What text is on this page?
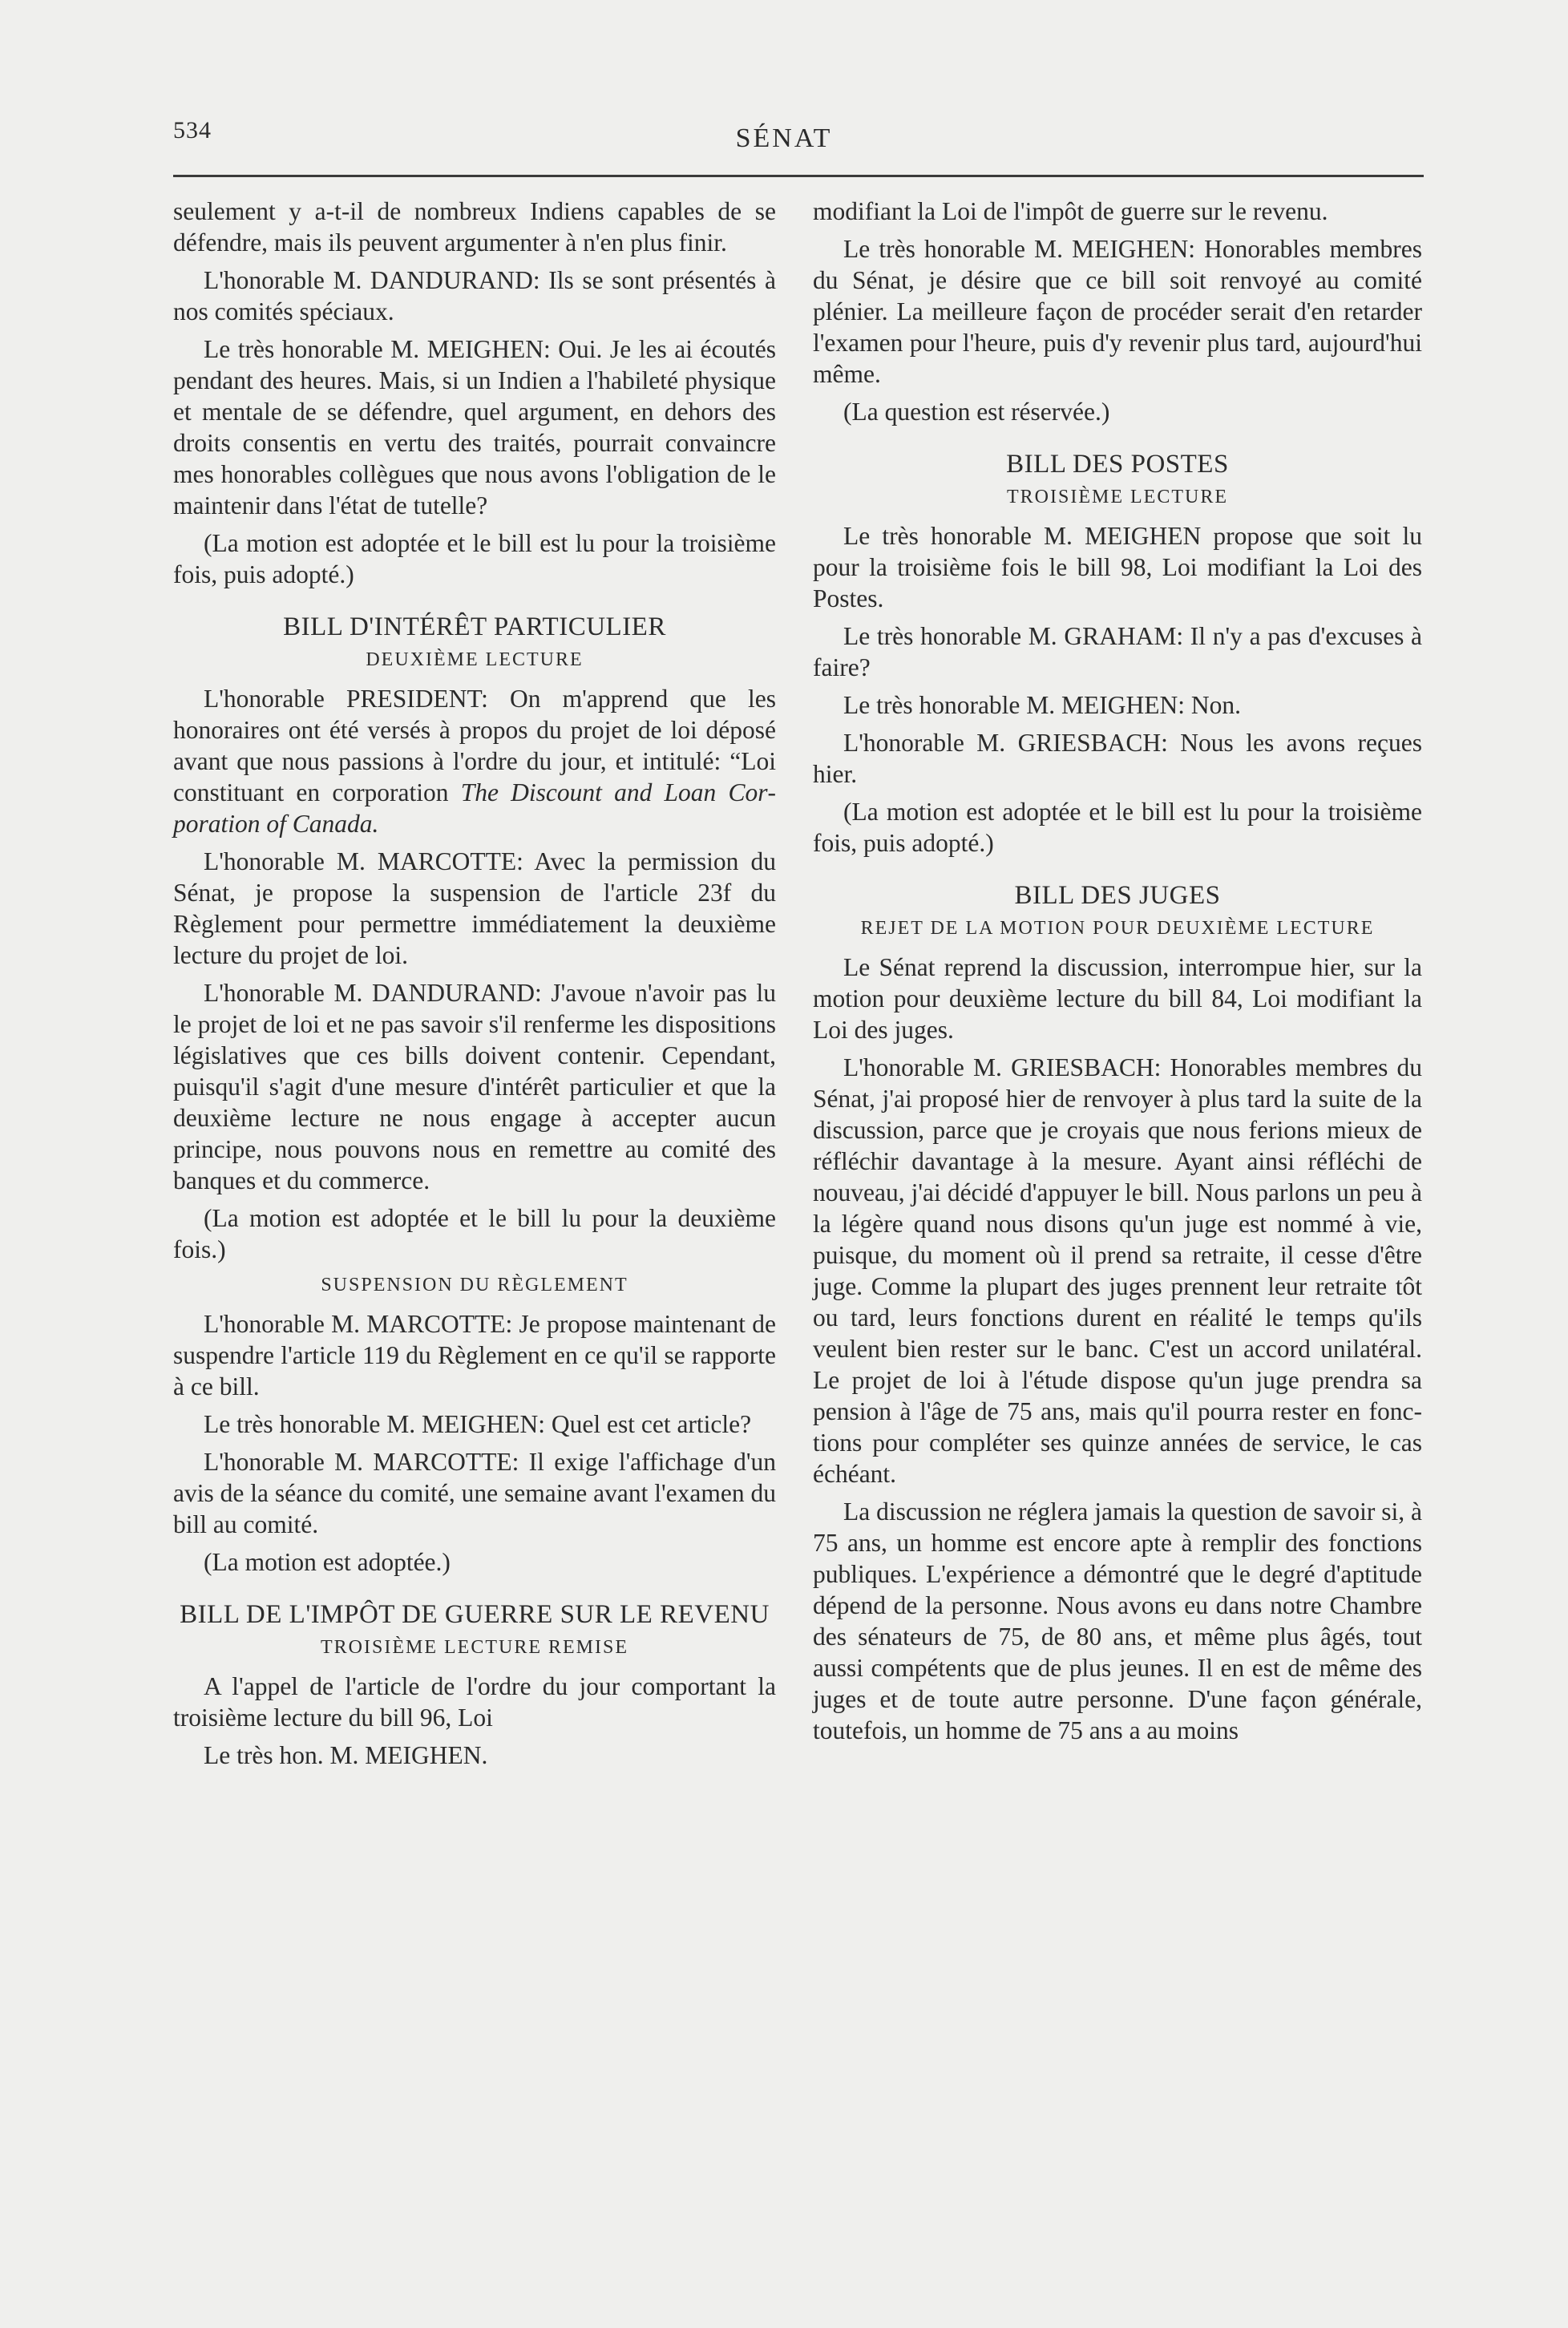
534	SÉNAT

seulement y a-t-il de nombreux Indiens capables de se défendre, mais ils peuvent argumenter à n'en plus finir.

L'honorable M. DANDURAND: Ils se sont présentés à nos comités spéciaux.

Le très honorable M. MEIGHEN: Oui. Je les ai écoutés pendant des heures. Mais, si un Indien a l'habileté physique et mentale de se défendre, quel argument, en dehors des droits consentis en vertu des traités, pourrait convaincre mes honorables collègues que nous avons l'obligation de le maintenir dans l'état de tutelle?

(La motion est adoptée et le bill est lu pour la troisième fois, puis adopté.)

BILL D'INTÉRÊT PARTICULIER
DEUXIÈME LECTURE

L'honorable PRESIDENT: On m'apprend que les honoraires ont été versés à propos du projet de loi déposé avant que nous passions à l'ordre du jour, et intitulé: “Loi constituant en corporation The Discount and Loan Corporation of Canada.

L'honorable M. MARCOTTE: Avec la permission du Sénat, je propose la suspension de l'article 23f du Règlement pour permettre immédiatement la deuxième lecture du projet de loi.

L'honorable M. DANDURAND: J'avoue n'avoir pas lu le projet de loi et ne pas savoir s'il renferme les dispositions législatives que ces bills doivent contenir. Cependant, puisqu'il s'agit d'une mesure d'intérêt particulier et que la deuxième lecture ne nous engage à accepter aucun principe, nous pouvons nous en remettre au comité des banques et du commerce.

(La motion est adoptée et le bill lu pour la deuxième fois.)

SUSPENSION DU RÈGLEMENT

L'honorable M. MARCOTTE: Je propose maintenant de suspendre l'article 119 du Règlement en ce qu'il se rapporte à ce bill.

Le très honorable M. MEIGHEN: Quel est cet article?

L'honorable M. MARCOTTE: Il exige l'affichage d'un avis de la séance du comité, une semaine avant l'examen du bill au comité.

(La motion est adoptée.)

BILL DE L'IMPÔT DE GUERRE SUR LE REVENU
TROISIÈME LECTURE REMISE

A l'appel de l'article de l'ordre du jour comportant la troisième lecture du bill 96, Loi

Le très hon. M. MEIGHEN.

modifiant la Loi de l'impôt de guerre sur le revenu.

Le très honorable M. MEIGHEN: Honorables membres du Sénat, je désire que ce bill soit renvoyé au comité plénier. La meilleure façon de procéder serait d'en retarder l'examen pour l'heure, puis d'y revenir plus tard, aujourd'hui même.

(La question est réservée.)

BILL DES POSTES
TROISIÈME LECTURE

Le très honorable M. MEIGHEN propose que soit lu pour la troisième fois le bill 98, Loi modifiant la Loi des Postes.

Le très honorable M. GRAHAM: Il n'y a pas d'excuses à faire?

Le très honorable M. MEIGHEN: Non.

L'honorable M. GRIESBACH: Nous les avons reçues hier.

(La motion est adoptée et le bill est lu pour la troisième fois, puis adopté.)

BILL DES JUGES
REJET DE LA MOTION POUR DEUXIÈME LECTURE

Le Sénat reprend la discussion, interrompue hier, sur la motion pour deuxième lecture du bill 84, Loi modifiant la Loi des juges.

L'honorable M. GRIESBACH: Honorables membres du Sénat, j'ai proposé hier de renvoyer à plus tard la suite de la discussion, parce que je croyais que nous ferions mieux de réfléchir davantage à la mesure. Ayant ainsi réfléchi de nouveau, j'ai décidé d'appuyer le bill. Nous parlons un peu à la légère quand nous disons qu'un juge est nommé à vie, puisque, du moment où il prend sa retraite, il cesse d'être juge. Comme la plupart des juges prennent leur retraite tôt ou tard, leurs fonctions durent en réalité le temps qu'ils veulent bien rester sur le banc. C'est un accord unilatéral. Le projet de loi à l'étude dispose qu'un juge prendra sa pension à l'âge de 75 ans, mais qu'il pourra rester en fonctions pour compléter ses quinze années de service, le cas échéant.

La discussion ne réglera jamais la question de savoir si, à 75 ans, un homme est encore apte à remplir des fonctions publiques. L'expérience a démontré que le degré d'aptitude dépend de la personne. Nous avons eu dans notre Chambre des sénateurs de 75, de 80 ans, et même plus âgés, tout aussi compétents que de plus jeunes. Il en est de même des juges et de toute autre personne. D'une façon générale, toutefois, un homme de 75 ans a au moins
